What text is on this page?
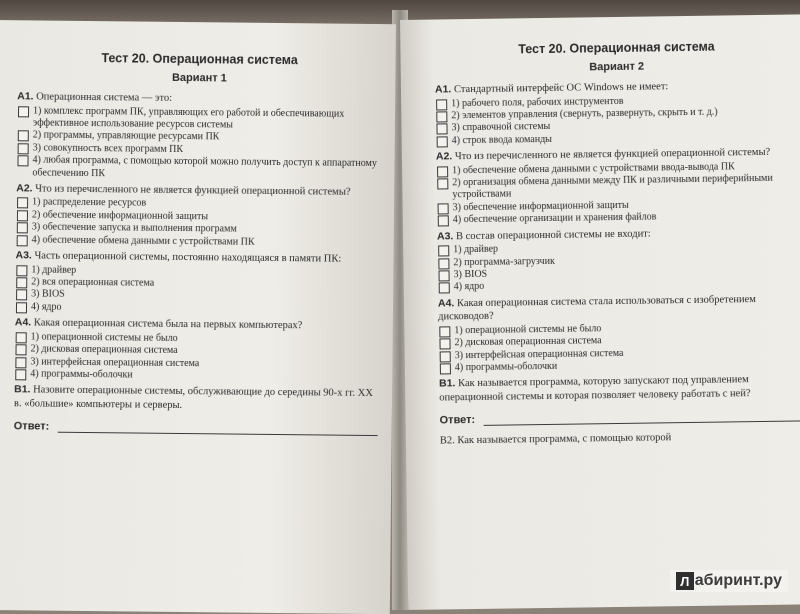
Тест 20. Операционная система
Вариант 1
А1. Операционная система — это:
1) комплекс программ ПК, управляющих его работой и обеспечивающих эффективное использование ресурсов системы
2) программы, управляющие ресурсами ПК
3) совокупность всех программ ПК
4) любая программа, с помощью которой можно получить доступ к аппаратному обеспечению ПК
А2. Что из перечисленного не является функцией операционной системы?
1) распределение ресурсов
2) обеспечение информационной защиты
3) обеспечение запуска и выполнения программ
4) обеспечение обмена данными с устройствами ПК
А3. Часть операционной системы, постоянно находящаяся в памяти ПК:
1) драйвер
2) вся операционная система
3) BIOS
4) ядро
А4. Какая операционная система была на первых компьютерах?
1) операционной системы не было
2) дисковая операционная система
3) интерфейсная операционная система
4) программы-оболочки
В1. Назовите операционные системы, обслуживающие до середины 90-х гг. XX в. «большие» компьютеры и серверы.
Ответ:
Тест 20. Операционная система
Вариант 2
А1. Стандартный интерфейс ОС Windows не имеет:
1) рабочего поля, рабочих инструментов
2) элементов управления (свернуть, развернуть, скрыть и т. д.)
3) справочной системы
4) строк ввода команды
А2. Что из перечисленного не является функцией операционной системы?
1) обеспечение обмена данными с устройствами ввода-вывода ПК
2) организация обмена данными между ПК и различными периферийными устройствами
3) обеспечение информационной защиты
4) обеспечение организации и хранения файлов
А3. В состав операционной системы не входит:
1) драйвер
2) программа-загрузчик
3) BIOS
4) ядро
А4. Какая операционная система стала использоваться с изобретением дисководов?
1) операционной системы не было
2) дисковая операционная система
3) интерфейсная операционная система
4) программы-оболочки
В1. Как называется программа, которую запускают под управлением операционной системы и которая позволяет человеку работать с ней?
Ответ:
В2. Как называется программа, с помощью которой
Л абиринт.ру
